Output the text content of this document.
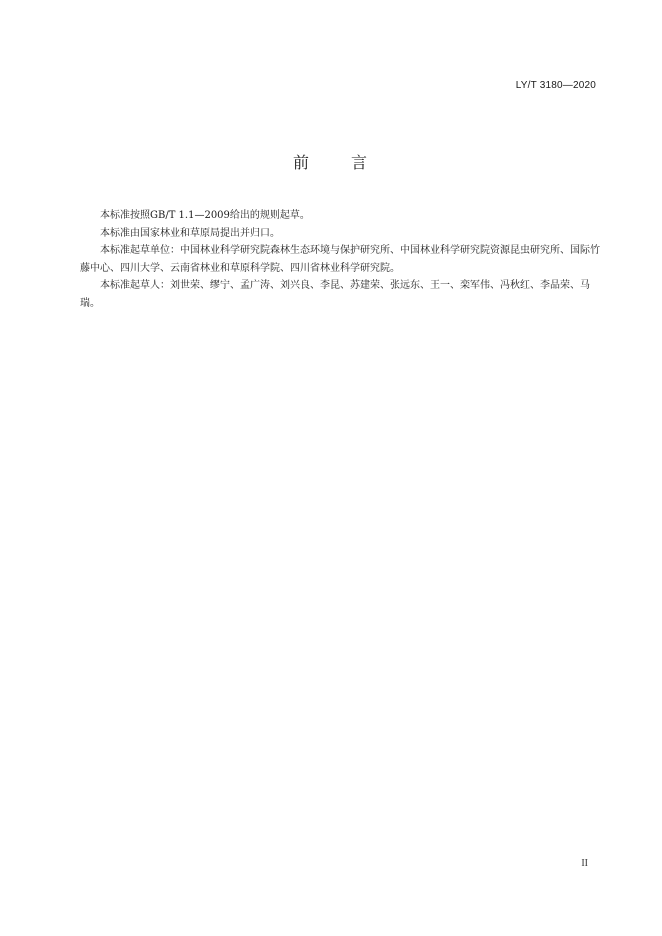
LY/T 3180—2020
前	言

本标准按照GB/T 1.1—2009给出的规则起草。

本标准由国家林业和草原局提出并归口。

本标准起草单位：中国林业科学研究院森林生态环境与保护研究所、中国林业科学研究院资源昆虫研究所、国际竹藤中心、四川大学、云南省林业和草原科学院、四川省林业科学研究院。

本标准起草人：刘世荣、缪宁、孟广涛、刘兴良、李昆、苏建荣、张远东、王一、栾军伟、冯秋红、李品荣、马瑞。

II
